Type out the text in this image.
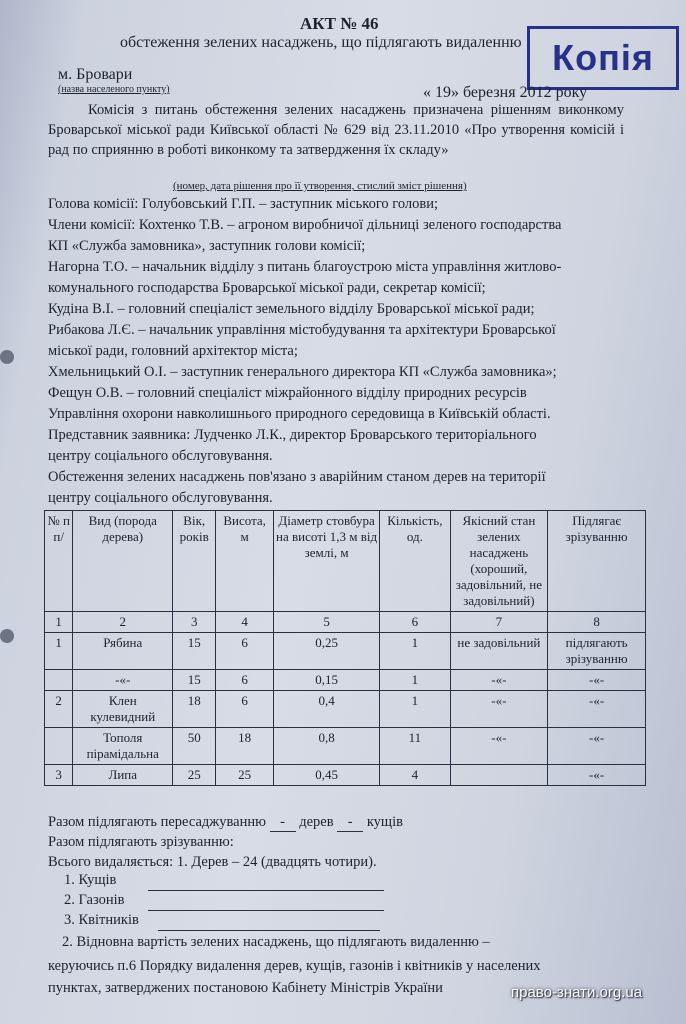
АКТ № 46
обстеження зелених насаджень, що підлягають видаленню Копія
м. Бровари
(назва населеного пункту)	« 19» березня 2012 року
Комісія з питань обстеження зелених насаджень призначена рішенням виконкому Броварської міської ради Київської області № 629 від 23.11.2010 «Про утворення комісій і рад по сприянню в роботі виконкому та затвердження їх складу»
(номер, дата рішення про її утворення, стислий зміст рішення)
Голова комісії: Голубовський Г.П. – заступник міського голови;
Члени комісії: Кохтенко Т.В. – агроном виробничої дільниці зеленого господарства
КП «Служба замовника», заступник голови комісії;
Нагорна Т.О. – начальник відділу з питань благоустрою міста управління житлово-
комунального господарства Броварської міської ради, секретар комісії;
Кудіна В.І. – головний спеціаліст земельного відділу Броварської міської ради;
Рибакова Л.Є. – начальник управління містобудування та архітектури Броварської
міської ради, головний архітектор міста;
Хмельницький О.І. – заступник генерального директора КП «Служба замовника»;
Фещун О.В. – головний спеціаліст міжрайонного відділу природних ресурсів
Управління охорони навколишнього природного середовища в Київській області.
Представник заявника: Лудченко Л.К., директор Броварського територіального
центру соціального обслуговування.
Обстеження зелених насаджень пов'язано з аварійним станом дерев на території
центру соціального обслуговування.
№ п п/	Вид (порода дерева)	Вік, років	Висота, м	Діаметр стовбура на висоті 1,3 м від землі, м	Кількість, од.	Якісний стан зелених насаджень (хороший, задовільний, не задовільний)	Підлягає зрізуванню
1	2	3	4	5	6	7	8
1	Рябина	15	6	0,25	1	не задовільний	підлягають зрізуванню
	-«-	15	6	0,15	1	-«-	-«-
2	Клен кулевидний	18	6	0,4	1	-«-	-«-
	Тополя пірамідальна	50	18	0,8	11	-«-	-«-
3	Липа	25	25	0,45	4		-«-
Разом підлягають пересаджуванню - дерев - кущів
Разом підлягають зрізуванню:
Всього видаляється: 1. Дерев – 24 (двадцять чотири).
1. Кущів
2. Газонів
3. Квітників
2. Відновна вартість зелених насаджень, що підлягають видаленню –
керуючись п.6 Порядку видалення дерев, кущів, газонів і квітників у населених
пунктах, затверджених постановою Кабінету Міністрів України	право-знати.org.ua
